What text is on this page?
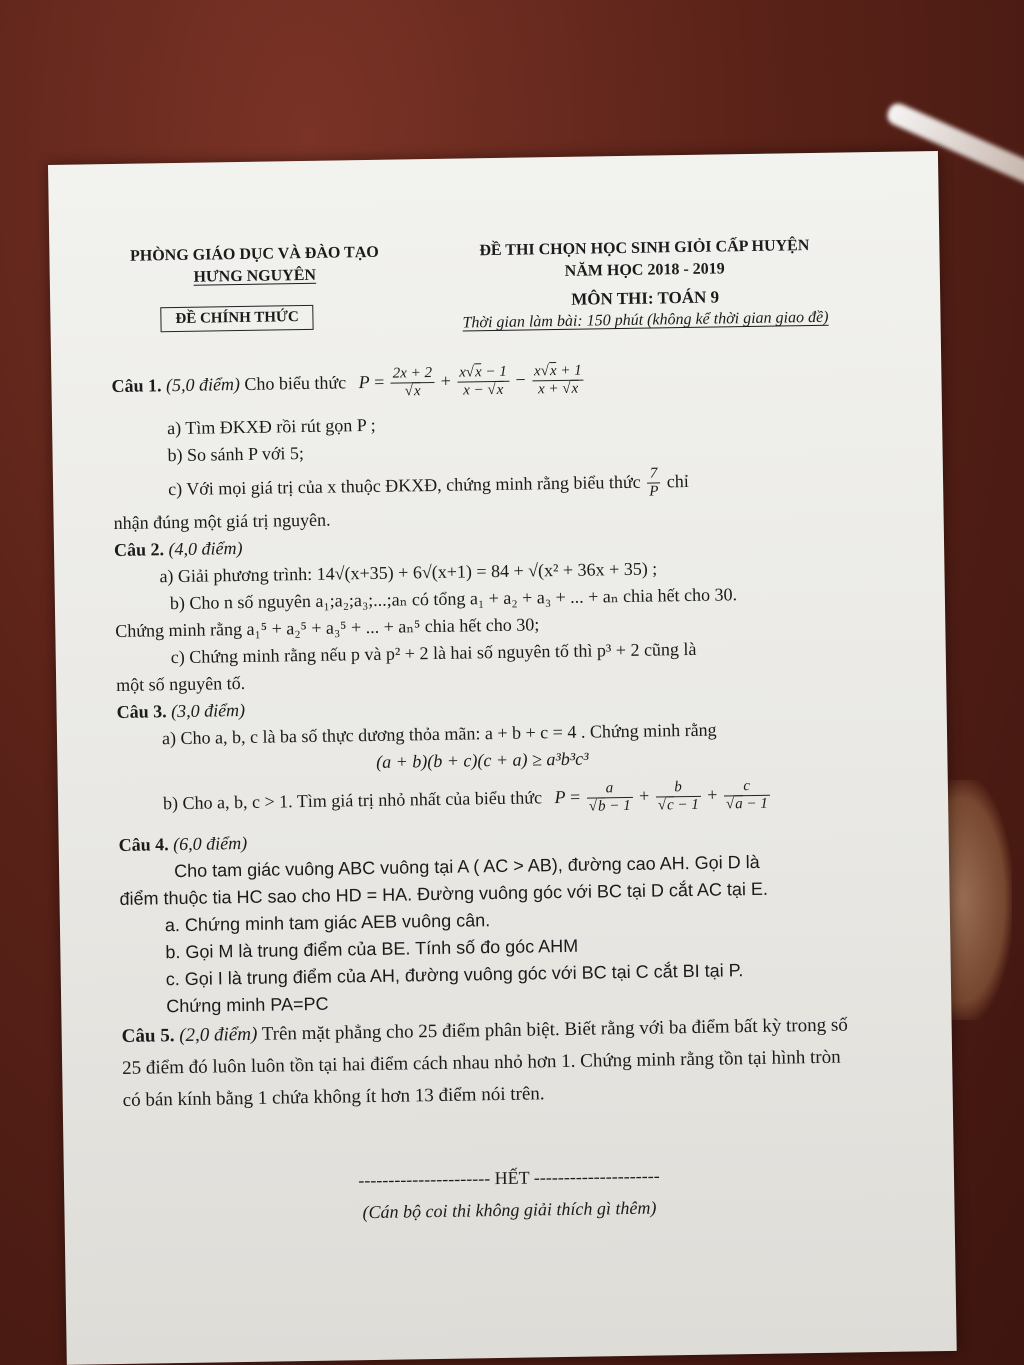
PHÒNG GIÁO DỤC VÀ ĐÀO TẠO
HƯNG NGUYÊN
ĐỀ CHÍNH THỨC
ĐỀ THI CHỌN HỌC SINH GIỎI CẤP HUYỆN
NĂM HỌC 2018 - 2019
MÔN THI: TOÁN 9
Thời gian làm bài: 150 phút (không kể thời gian giao đề)
Câu 1. (5,0 điểm) Cho biểu thức $P = \frac{2x + 2}{√x} + \frac{x√x - 1}{x - √x} - \frac{x√x + 1}{x + √x}$
a) Tìm ĐKXĐ rồi rút gọn P ;
b) So sánh P với 5;
c) Với mọi giá trị của x thuộc ĐKXĐ, chứng minh rằng biểu thức $\frac{7}{P}$ chỉ
nhận đúng một giá trị nguyên.
Câu 2. (4,0 điểm)
a) Giải phương trình: 14√(x+35) + 6√(x+1) = 84 + √(x² + 36x + 35) ;
b) Cho n số nguyên a₁;a₂;a₃;...;aₙ có tổng a₁ + a₂ + a₃ + ... + aₙ chia hết cho 30.
Chứng minh rằng a₁⁵ + a₂⁵ + a₃⁵ + ... + aₙ⁵ chia hết cho 30;
c) Chứng minh rằng nếu p và p² + 2 là hai số nguyên tố thì p³ + 2 cũng là
một số nguyên tố.
Câu 3. (3,0 điểm)
a) Cho a, b, c là ba số thực dương thỏa mãn: a + b + c = 4 . Chứng minh rằng
(a + b)(b + c)(c + a) ≥ a³b³c³
b) Cho a, b, c > 1. Tìm giá trị nhỏ nhất của biểu thức $P = \frac{a}{√b - 1} + \frac{b}{√c - 1} + \frac{c}{√a - 1}$
Câu 4. (6,0 điểm)
Cho tam giác vuông ABC vuông tại A ( AC > AB), đường cao AH. Gọi D là
điểm thuộc tia HC sao cho HD = HA. Đường vuông góc với BC tại D cắt AC tại E.
a. Chứng minh tam giác AEB vuông cân.
b. Gọi M là trung điểm của BE. Tính số đo góc AHM
c. Gọi I là trung điểm của AH, đường vuông góc với BC tại C cắt BI tại P.
Chứng minh PA=PC
Câu 5. (2,0 điểm) Trên mặt phẳng cho 25 điểm phân biệt. Biết rằng với ba điểm bất kỳ trong số 25 điểm đó luôn luôn tồn tại hai điểm cách nhau nhỏ hơn 1. Chứng minh rằng tồn tại hình tròn có bán kính bằng 1 chứa không ít hơn 13 điểm nói trên.
---------------------- HẾT ---------------------
(Cán bộ coi thi không giải thích gì thêm)
